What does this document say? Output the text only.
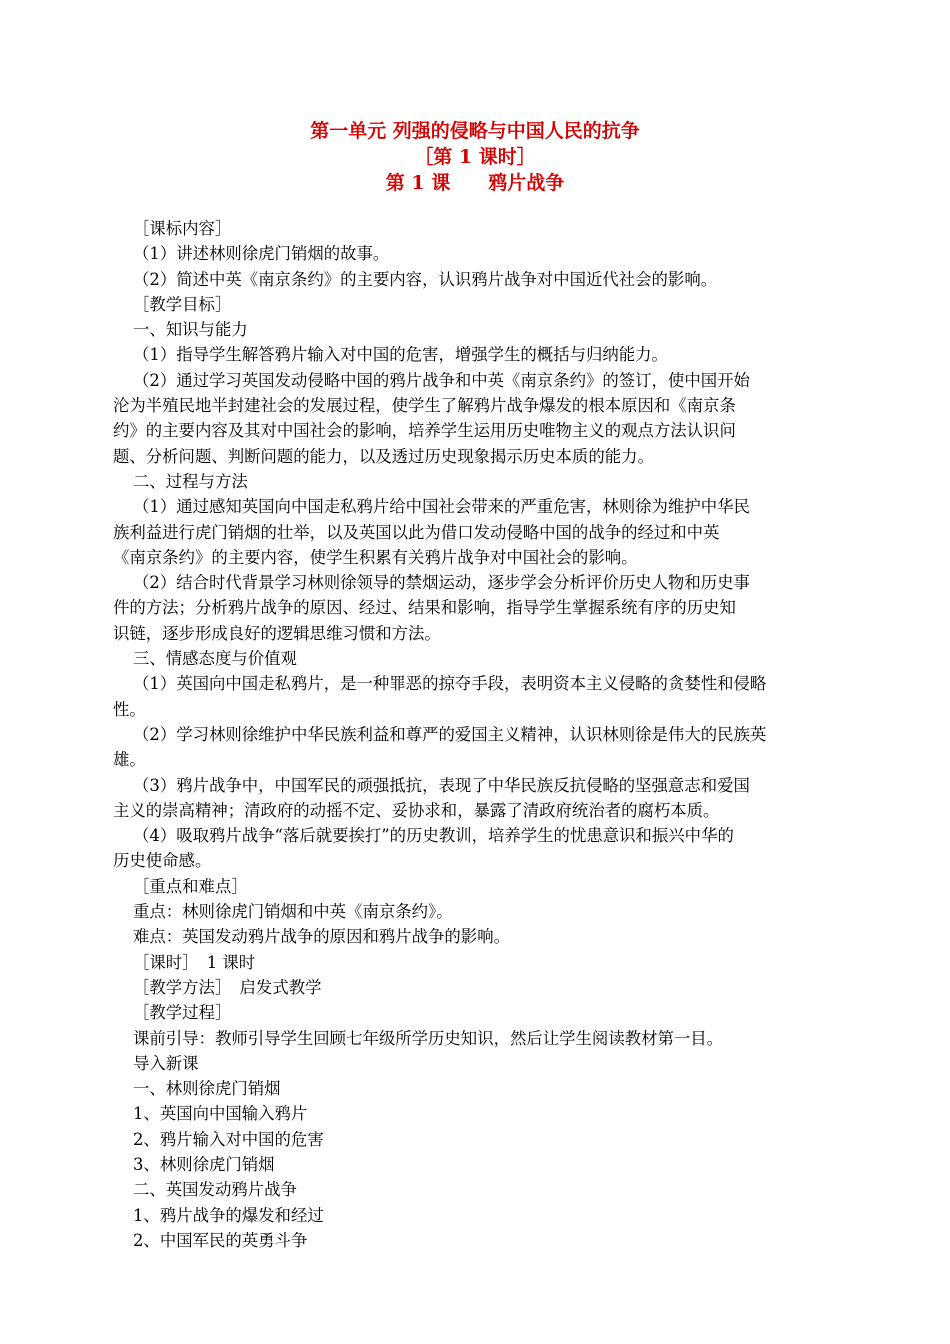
第一单元 列强的侵略与中国人民的抗争
［第 1 课时］
第 1 课　　鸦片战争

［课标内容］

（1）讲述林则徐虎门销烟的故事。

（2）简述中英《南京条约》的主要内容，认识鸦片战争对中国近代社会的影响。

［教学目标］

一、知识与能力

（1）指导学生解答鸦片输入对中国的危害，增强学生的概括与归纳能力。

（2）通过学习英国发动侵略中国的鸦片战争和中英《南京条约》的签订，使中国开始

沦为半殖民地半封建社会的发展过程，使学生了解鸦片战争爆发的根本原因和《南京条

约》的主要内容及其对中国社会的影响，培养学生运用历史唯物主义的观点方法认识问

题、分析问题、判断问题的能力，以及透过历史现象揭示历史本质的能力。

二、过程与方法

（1）通过感知英国向中国走私鸦片给中国社会带来的严重危害，林则徐为维护中华民

族利益进行虎门销烟的壮举，以及英国以此为借口发动侵略中国的战争的经过和中英

《南京条约》的主要内容，使学生积累有关鸦片战争对中国社会的影响。

（2）结合时代背景学习林则徐领导的禁烟运动，逐步学会分析评价历史人物和历史事

件的方法；分析鸦片战争的原因、经过、结果和影响，指导学生掌握系统有序的历史知

识链，逐步形成良好的逻辑思维习惯和方法。

三、情感态度与价值观

（1）英国向中国走私鸦片，是一种罪恶的掠夺手段，表明资本主义侵略的贪婪性和侵略

性。

（2）学习林则徐维护中华民族利益和尊严的爱国主义精神，认识林则徐是伟大的民族英

雄。

（3）鸦片战争中，中国军民的顽强抵抗，表现了中华民族反抗侵略的坚强意志和爱国

主义的崇高精神；清政府的动摇不定、妥协求和，暴露了清政府统治者的腐朽本质。

（4）吸取鸦片战争“落后就要挨打”的历史教训，培养学生的忧患意识和振兴中华的

历史使命感。

［重点和难点］

重点：林则徐虎门销烟和中英《南京条约》。

难点：英国发动鸦片战争的原因和鸦片战争的影响。

［课时］　1 课时

［教学方法］　启发式教学

［教学过程］

课前引导：教师引导学生回顾七年级所学历史知识，然后让学生阅读教材第一目。

导入新课

一、林则徐虎门销烟

1、英国向中国输入鸦片

2、鸦片输入对中国的危害

3、林则徐虎门销烟

二、英国发动鸦片战争

1、鸦片战争的爆发和经过

2、中国军民的英勇斗争
